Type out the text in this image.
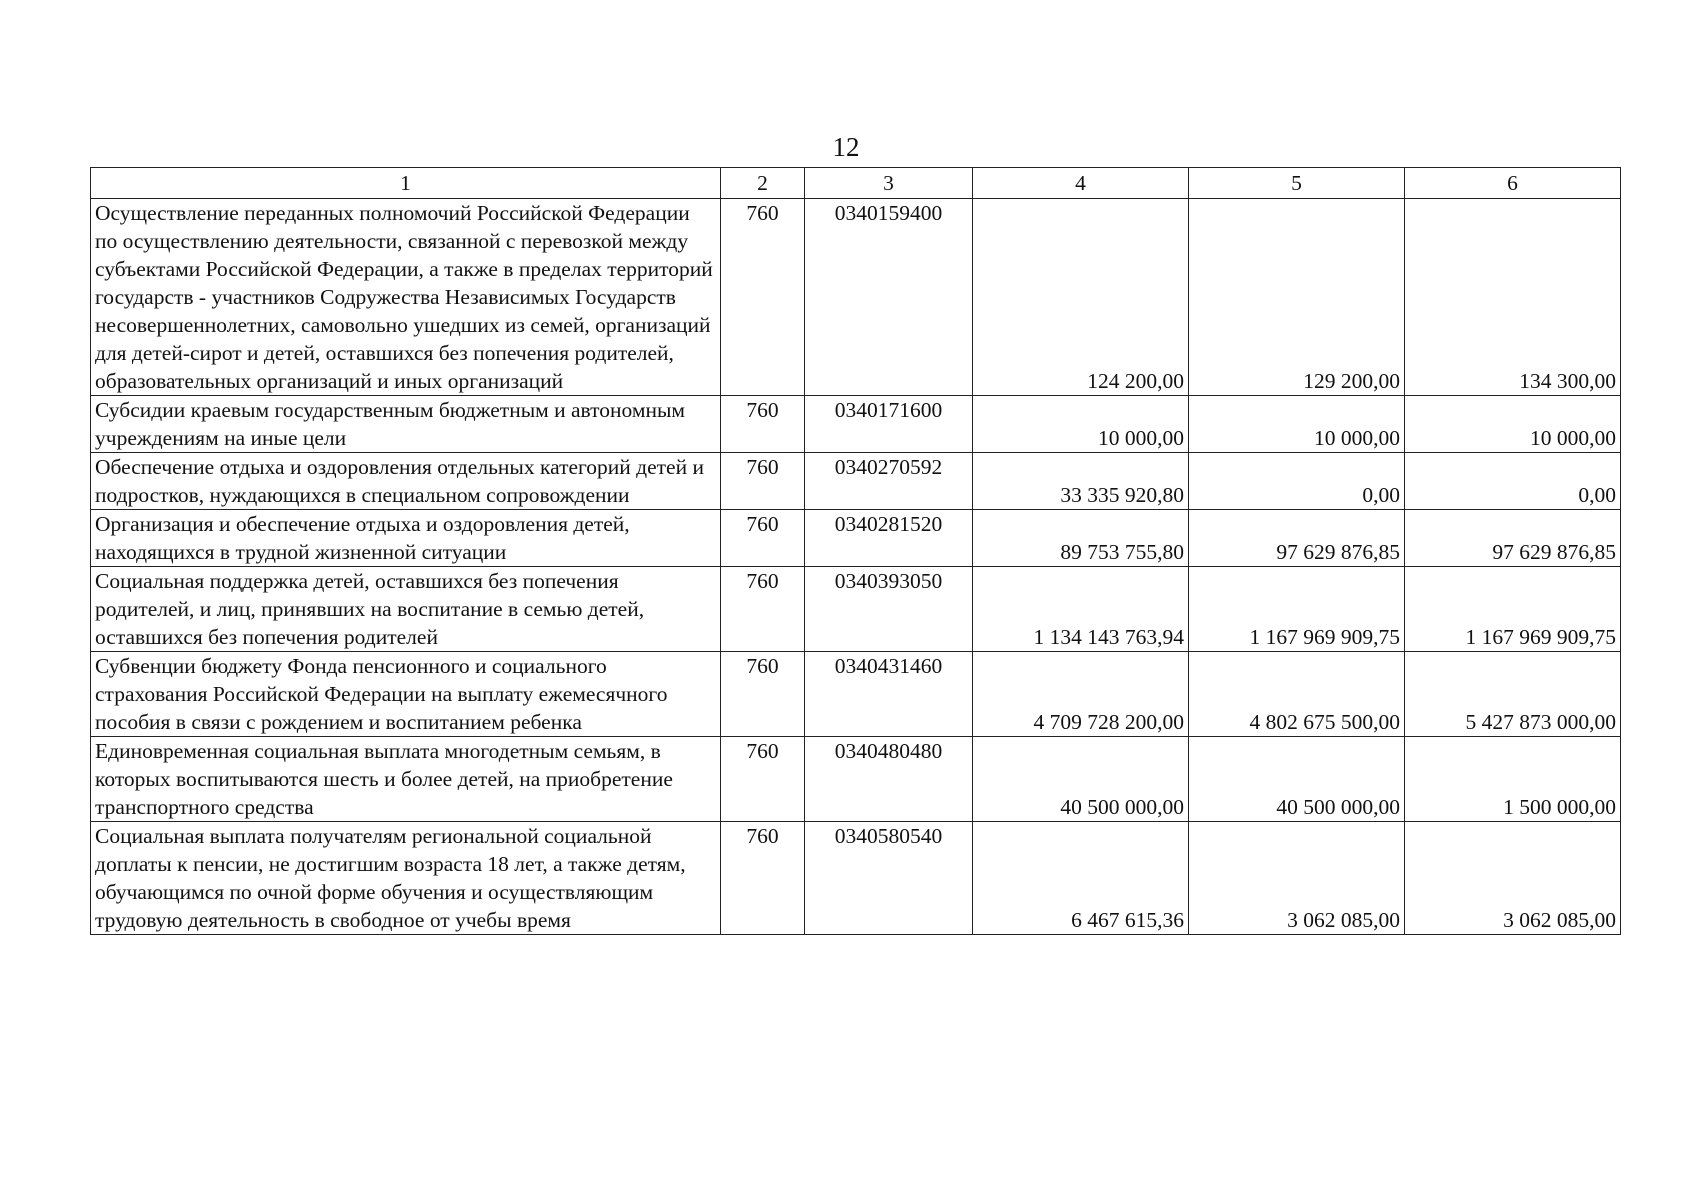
12
1	2	3	4	5	6
Осуществление переданных полномочий Российской Федерации по осуществлению деятельности, связанной с перевозкой между субъектами Российской Федерации, а также в пределах территорий государств - участников Содружества Независимых Государств несовершеннолетних, самовольно ушедших из семей, организаций для детей-сирот и детей, оставшихся без попечения родителей, образовательных организаций и иных организаций	760	0340159400	124 200,00	129 200,00	134 300,00
Субсидии краевым государственным бюджетным и автономным учреждениям на иные цели	760	0340171600	10 000,00	10 000,00	10 000,00
Обеспечение отдыха и оздоровления отдельных категорий детей и подростков, нуждающихся в специальном сопровождении	760	0340270592	33 335 920,80	0,00	0,00
Организация и обеспечение отдыха и оздоровления детей, находящихся в трудной жизненной ситуации	760	0340281520	89 753 755,80	97 629 876,85	97 629 876,85
Социальная поддержка детей, оставшихся без попечения родителей, и лиц, принявших на воспитание в семью детей, оставшихся без попечения родителей	760	0340393050	1 134 143 763,94	1 167 969 909,75	1 167 969 909,75
Субвенции бюджету Фонда пенсионного и социального страхования Российской Федерации на выплату ежемесячного пособия в связи с рождением и воспитанием ребенка	760	0340431460	4 709 728 200,00	4 802 675 500,00	5 427 873 000,00
Единовременная социальная выплата многодетным семьям, в которых воспитываются шесть и более детей, на приобретение транспортного средства	760	0340480480	40 500 000,00	40 500 000,00	1 500 000,00
Социальная выплата получателям региональной социальной доплаты к пенсии, не достигшим возраста 18 лет, а также детям, обучающимся по очной форме обучения и осуществляющим трудовую деятельность в свободное от учебы время	760	0340580540	6 467 615,36	3 062 085,00	3 062 085,00
